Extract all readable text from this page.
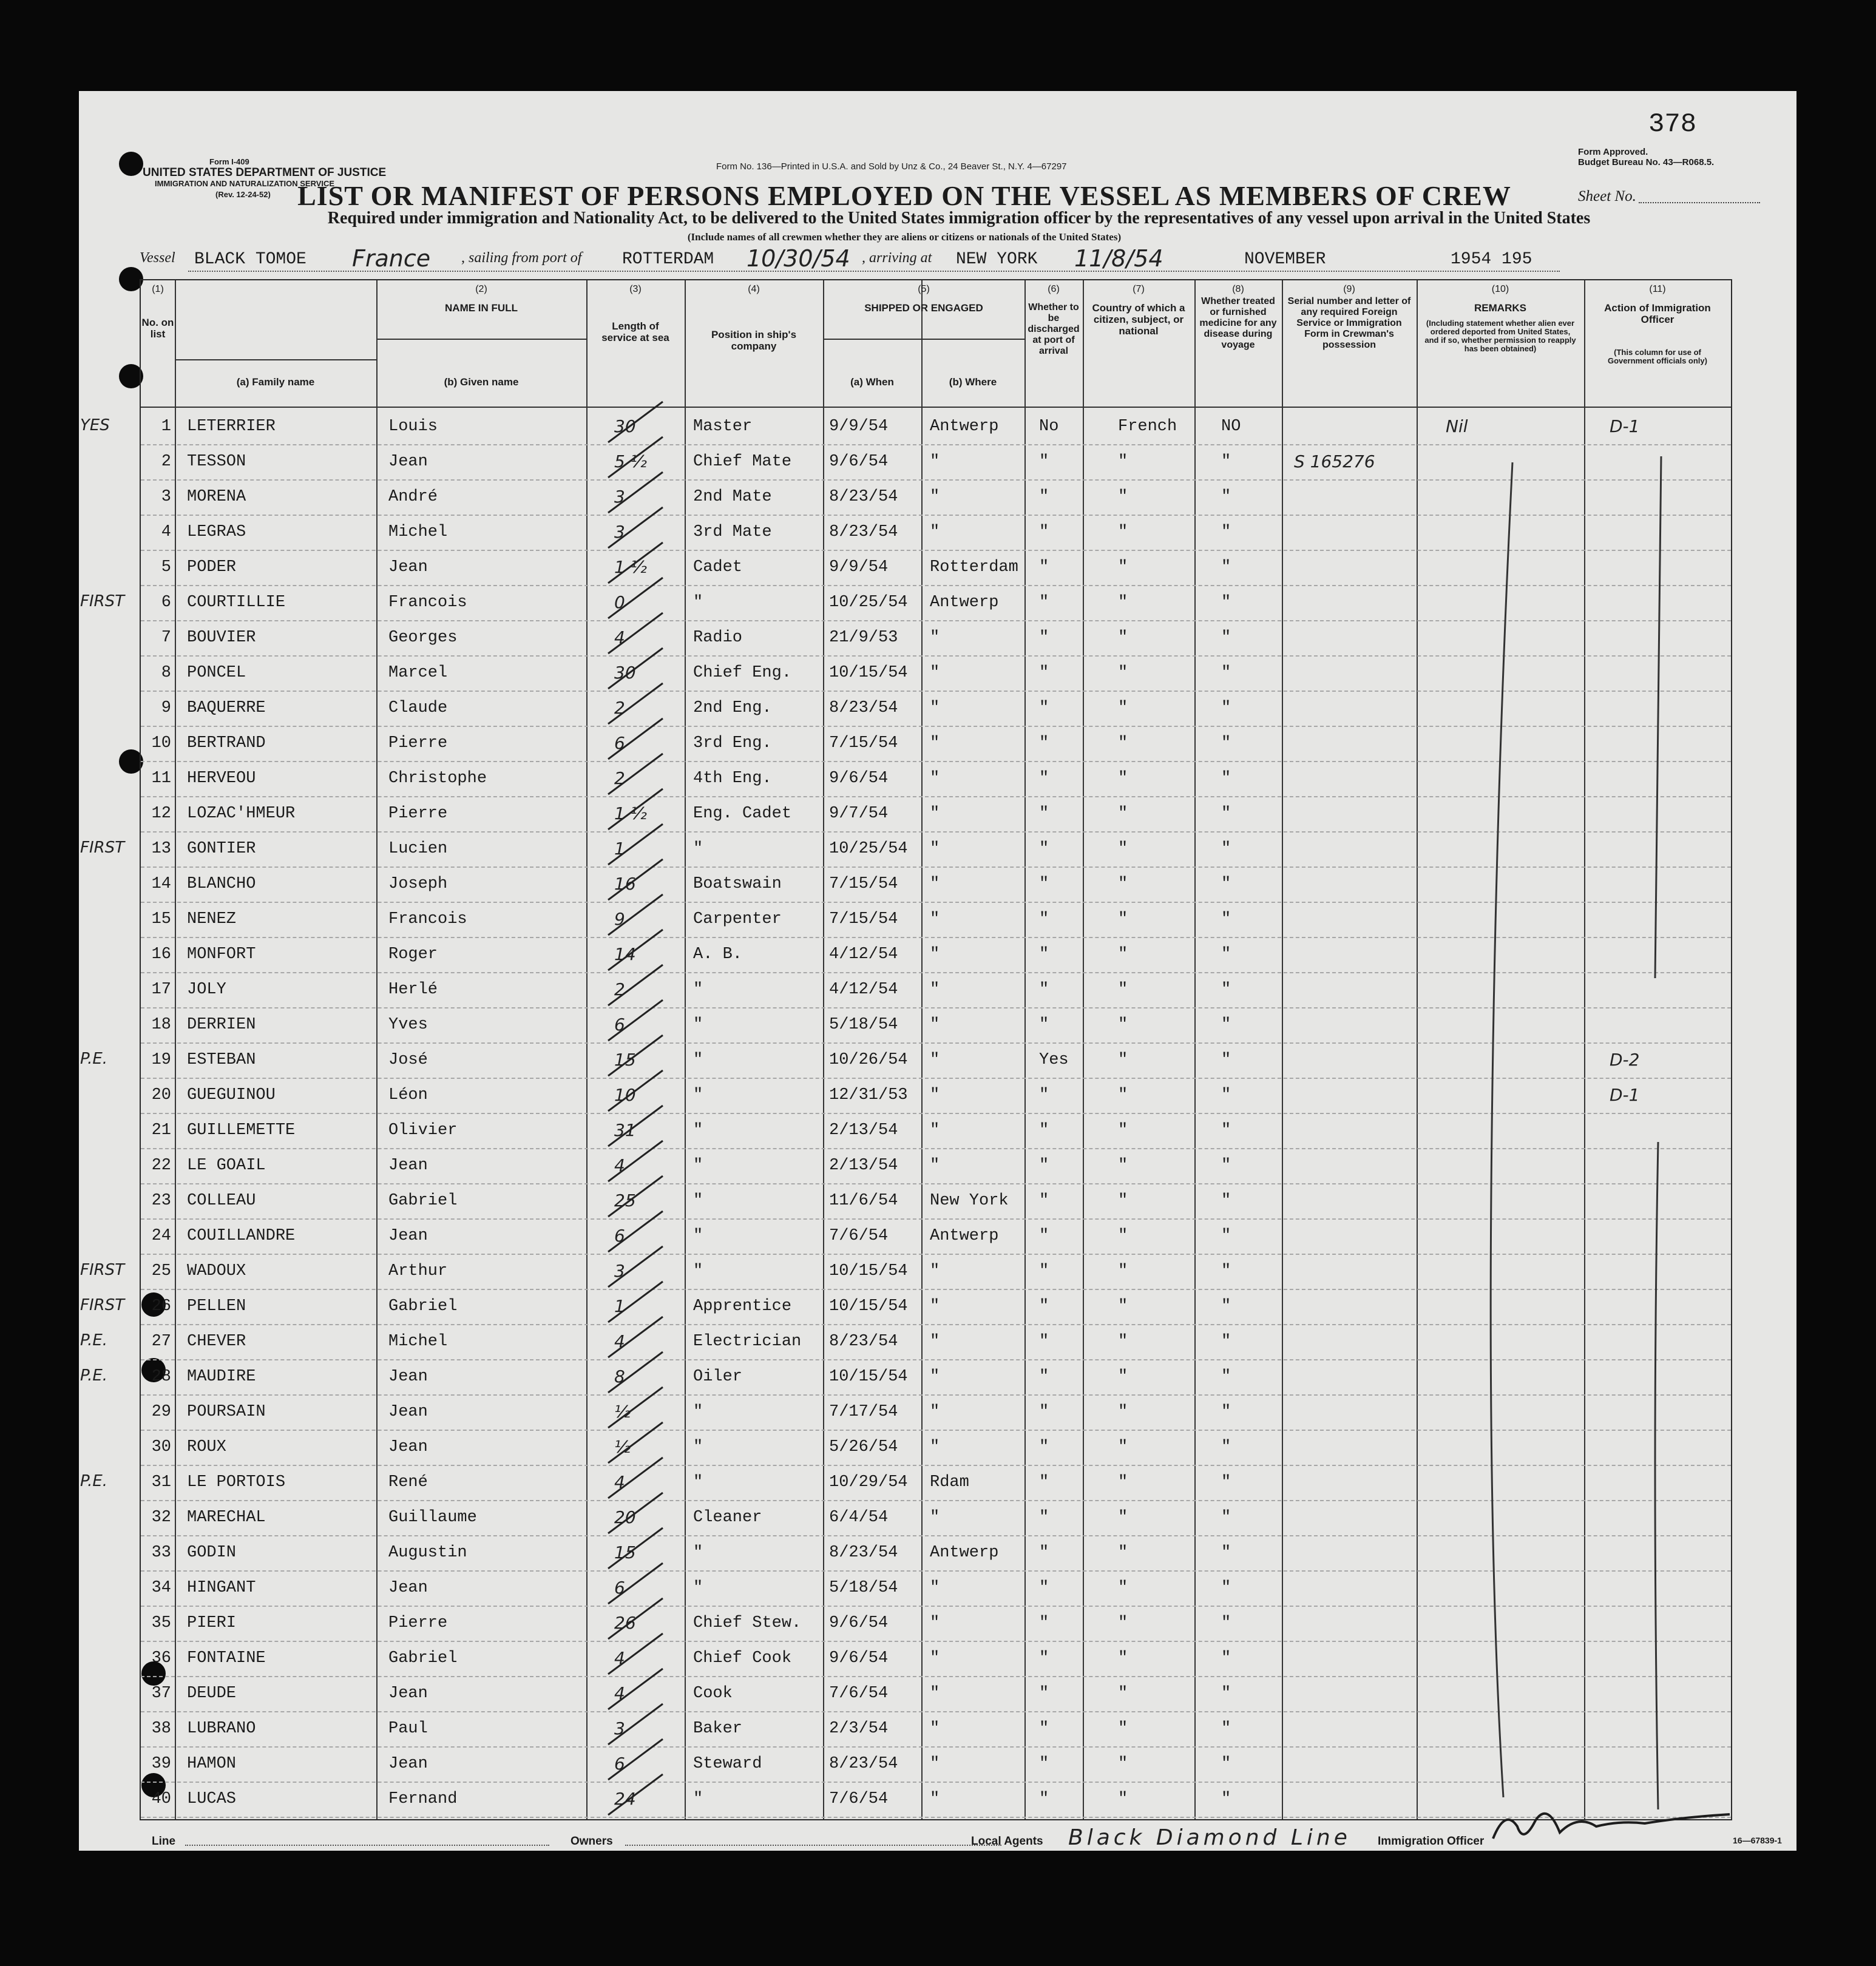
378
Form I-409
UNITED STATES DEPARTMENT OF JUSTICE
IMMIGRATION AND NATURALIZATION SERVICE
(Rev. 12-24-52)
Form No. 136—Printed in U.S.A. and Sold by Unz & Co., 24 Beaver St., N.Y. 4—67297
Form Approved.
Budget Bureau No. 43—R068.5.
Sheet No.
LIST OR MANIFEST OF PERSONS EMPLOYED ON THE VESSEL AS MEMBERS OF CREW
Required under immigration and Nationality Act, to be delivered to the United States immigration officer by the representatives of any vessel upon arrival in the United States
(Include names of all crewmen whether they are aliens or citizens or nationals of the United States)
Vessel BLACK TOMOE France , sailing from port of ROTTERDAM 10/30/54 , arriving at NEW YORK 11/8/54	NOVEMBER	1954 195
(1)
No. on list
(2)
NAME IN FULL
(a) Family name	(b) Given name
(3)
Length of service at sea
(4)
Position in ship's company
(5)
SHIPPED OR ENGAGED
(a) When	(b) Where
(6)
Whether to be discharged at port of arrival
(7)
Country of which a citizen, subject, or national
(8)
Whether treated or furnished medicine for any disease during voyage
(9)
Serial number and letter of any required Foreign Service or Immigration Form in Crewman's possession
(10)
REMARKS
(Including statement whether alien ever ordered deported from United States, and if so, whether permission to reapply has been obtained)
(11)
Action of Immigration Officer
(This column for use of Government officials only)
1 LETERRIER	Louis	30	Master	9/9/54	Antwerp No	French	NO	Nil	D-1
YES
2 TESSON	Jean	5 ½	Chief Mate 9/6/54	"	"	"	"	S 165276
3 MORENA	André	3	2nd Mate	8/23/54 "	"	"	"
4 LEGRAS	Michel	3	3rd Mate	8/23/54 "	"	"	"
5 PODER	Jean	1 ½	Cadet	9/9/54	Rotterdam "	"	"
6 COURTILLIE	Francois	0	"	10/25/54 Antwerp "	"	"
FIRST
7 BOUVIER	Georges	4	Radio	21/9/53 "	"	"	"
8 PONCEL	Marcel	30	Chief Eng. 10/15/54 "	"	"	"
9 BAQUERRE	Claude	2	2nd Eng.	8/23/54 "	"	"	"
10 BERTRAND	Pierre	6	3rd Eng.	7/15/54 "	"	"	"
11 HERVEOU	Christophe	2	4th Eng.	9/6/54	"	"	"	"
12 LOZAC'HMEUR	Pierre	1 ½	Eng. Cadet 9/7/54	"	"	"	"
13 GONTIER	Lucien	1	"	10/25/54 "	"	"	"
FIRST
14 BLANCHO	Joseph	16	Boatswain	7/15/54 "	"	"	"
15 NENEZ	Francois	9	Carpenter	7/15/54 "	"	"	"
16 MONFORT	Roger	14	A. B.	4/12/54 "	"	"	"
17 JOLY	Herlé	2	"	4/12/54 "	"	"	"
18 DERRIEN	Yves	6	"	5/18/54 "	"	"	"
19 ESTEBAN	José	15	"	10/26/54 "	Yes	"	"	D-2
P.E.
20 GUEGUINOU	Léon	10	"	12/31/53 "	"	"	"	D-1
21 GUILLEMETTE	Olivier	31	"	2/13/54 "	"	"	"
22 LE GOAIL	Jean	4	"	2/13/54 "	"	"	"
23 COLLEAU	Gabriel	25	"	11/6/54 New York "	"	"
24 COUILLANDRE	Jean	6	"	7/6/54	Antwerp "	"	"
25 WADOUX	Arthur	3	"	10/15/54 "	"	"	"
FIRST
26 PELLEN	Gabriel	1	Apprentice 10/15/54 "	"	"	"
FIRST
27 CHEVER	Michel	4	Electrician 8/23/54 "	"	"	"
P.E.
28 MAUDIRE	Jean	8	Oiler	10/15/54 "	"	"	"
P.E.
29 POURSAIN	Jean	½	"	7/17/54 "	"	"	"
30 ROUX	Jean	½	"	5/26/54 "	"	"	"
31 LE PORTOIS	René	4	"	10/29/54 Rdam	"	"	"
P.E.
32 MARECHAL	Guillaume	20	Cleaner	6/4/54	"	"	"	"
33 GODIN	Augustin	15	"	8/23/54 Antwerp "	"	"
34 HINGANT	Jean	6	"	5/18/54 "	"	"	"
35 PIERI	Pierre	26	Chief Stew. 9/6/54	"	"	"	"
36 FONTAINE	Gabriel	4	Chief Cook 9/6/54	"	"	"	"
37 DEUDE	Jean	4	Cook	7/6/54	"	"	"	"
38 LUBRANO	Paul	3	Baker	2/3/54	"	"	"	"
39 HAMON	Jean	6	Steward	8/23/54 "	"	"	"
40 LUCAS	Fernand	24	"	7/6/54	"	"	"	"
Line	Owners	Local Agents Black Diamond Line Immigration Officer	16—67839-1
